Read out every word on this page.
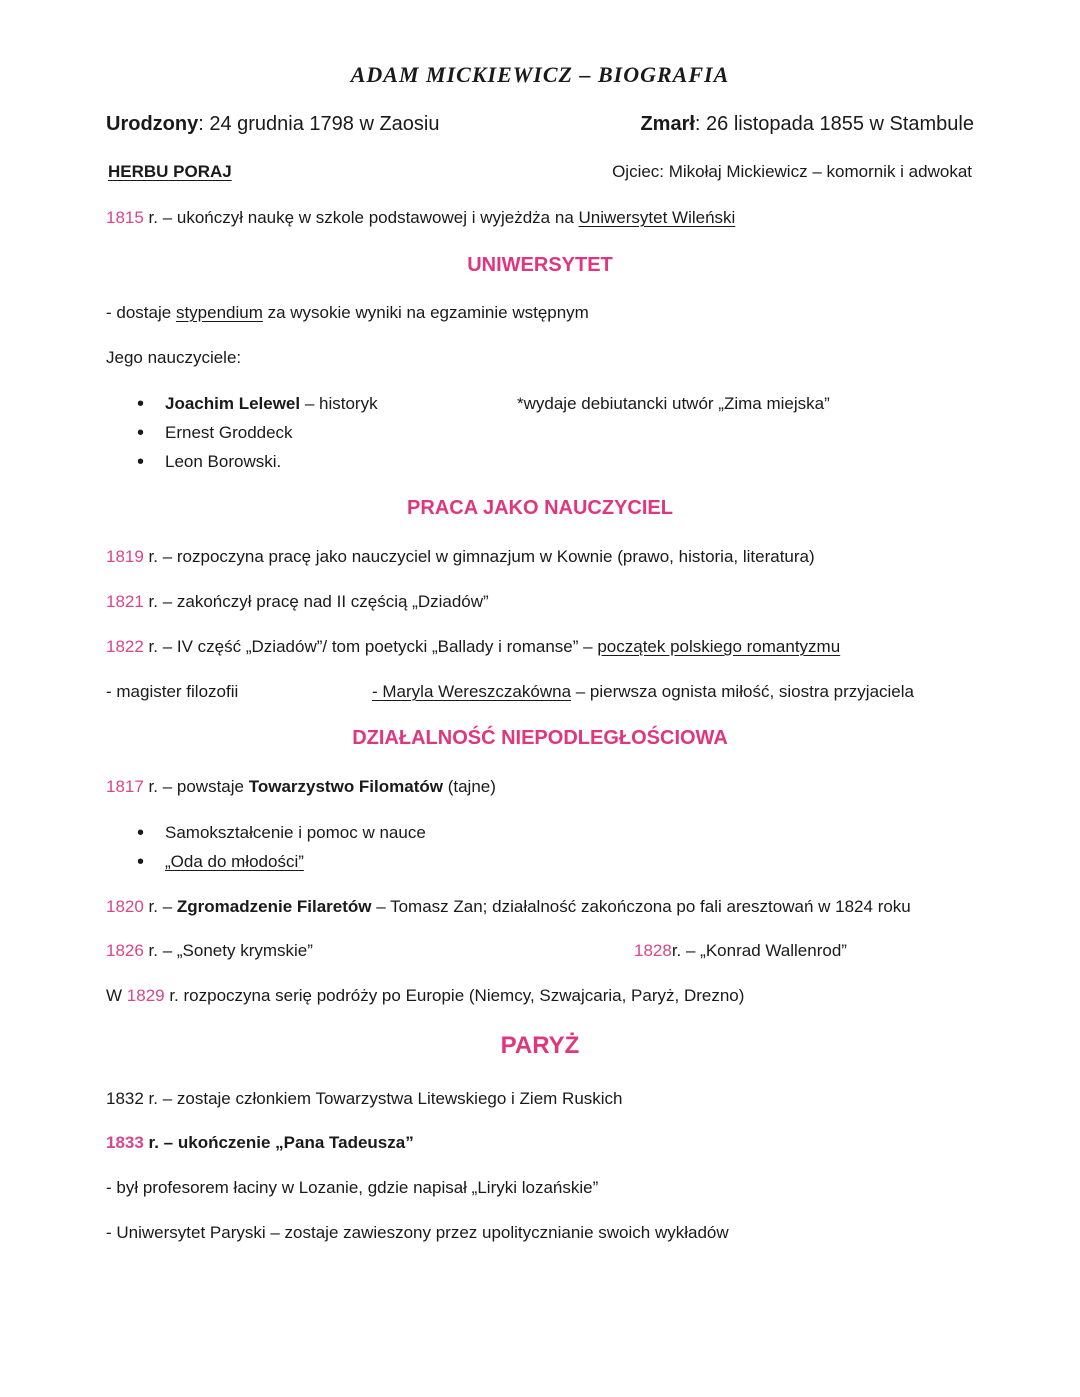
ADAM MICKIEWICZ – BIOGRAFIA
Urodzony: 24 grudnia 1798 w Zaosiu	Zmarł: 26 listopada 1855 w Stambule
HERBU PORAJ	Ojciec: Mikołaj Mickiewicz – komornik i adwokat
1815 r. – ukończył naukę w szkole podstawowej i wyjeżdża na Uniwersytet Wileński
UNIWERSYTET
- dostaje stypendium za wysokie wyniki na egzaminie wstępnym
Jego nauczyciele:
• Joachim Lelewel – historyk
• Ernest Groddeck
• Leon Borowski.
*wydaje debiutancki utwór „Zima miejska”
PRACA JAKO NAUCZYCIEL
1819 r. – rozpoczyna pracę jako nauczyciel w gimnazjum w Kownie (prawo, historia, literatura)
1821 r. – zakończył pracę nad II częścią „Dziadów”
1822 r. – IV część „Dziadów”/ tom poetycki „Ballady i romanse” – początek polskiego romantyzmu
- magister filozofii	- Maryla Wereszczakówna – pierwsza ognista miłość, siostra przyjaciela
DZIAŁALNOŚĆ NIEPODLEGŁOŚCIOWA
1817 r. – powstaje Towarzystwo Filomatów (tajne)
• Samokształcenie i pomoc w nauce
• „Oda do młodości”
1820 r. – Zgromadzenie Filaretów – Tomasz Zan; działalność zakończona po fali aresztowań w 1824 roku
1826 r. – „Sonety krymskie”	1828r. – „Konrad Wallenrod”
W 1829 r. rozpoczyna serię podróży po Europie (Niemcy, Szwajcaria, Paryż, Drezno)
PARYŻ
1832 r. – zostaje członkiem Towarzystwa Litewskiego i Ziem Ruskich
1833 r. – ukończenie „Pana Tadeusza”
- był profesorem łaciny w Lozanie, gdzie napisał „Liryki lozańskie”
- Uniwersytet Paryski – zostaje zawieszony przez upolitycznianie swoich wykładów
